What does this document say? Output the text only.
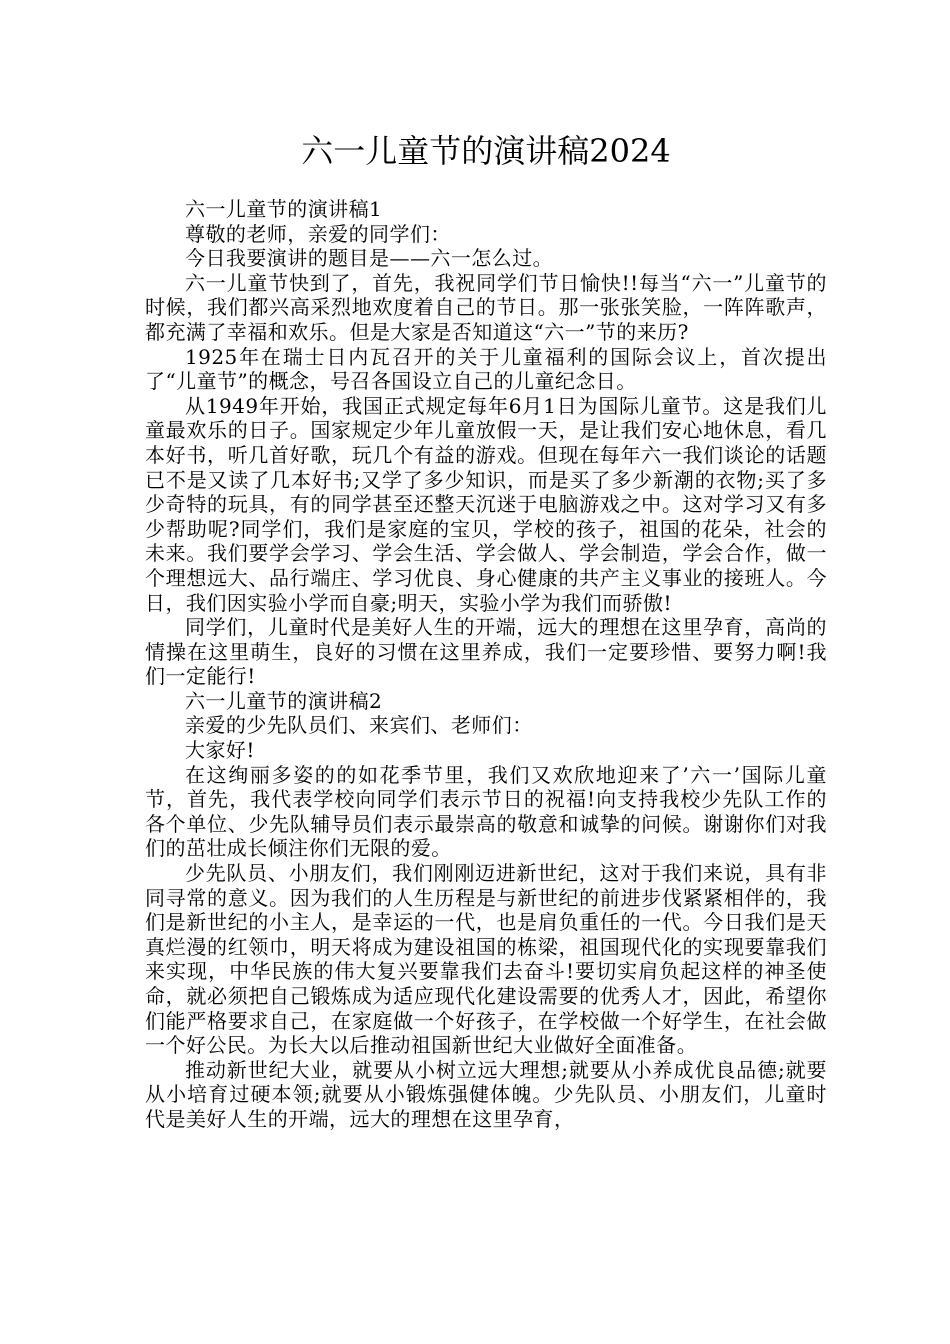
六一儿童节的演讲稿2024

六一儿童节的演讲稿1

尊敬的老师，亲爱的同学们：

今日我要演讲的题目是——六一怎么过。

六一儿童节快到了，首先，我祝同学们节日愉快!!每当“六一”儿童节的时候，我们都兴高采烈地欢度着自己的节日。那一张张笑脸，一阵阵歌声，都充满了幸福和欢乐。但是大家是否知道这“六一”节的来历?

1925年在瑞士日内瓦召开的关于儿童福利的国际会议上，首次提出了“儿童节”的概念，号召各国设立自己的儿童纪念日。

从1949年开始，我国正式规定每年6月1日为国际儿童节。这是我们儿童最欢乐的日子。国家规定少年儿童放假一天，是让我们安心地休息，看几本好书，听几首好歌，玩几个有益的游戏。但现在每年六一我们谈论的话题已不是又读了几本好书;又学了多少知识，而是买了多少新潮的衣物;买了多少奇特的玩具，有的同学甚至还整天沉迷于电脑游戏之中。这对学习又有多少帮助呢?同学们，我们是家庭的宝贝，学校的孩子，祖国的花朵，社会的未来。我们要学会学习、学会生活、学会做人、学会制造，学会合作，做一个理想远大、品行端庄、学习优良、身心健康的共产主义事业的接班人。今日，我们因实验小学而自豪;明天，实验小学为我们而骄傲!

同学们，儿童时代是美好人生的开端，远大的理想在这里孕育，高尚的情操在这里萌生，良好的习惯在这里养成，我们一定要珍惜、要努力啊!我们一定能行!

六一儿童节的演讲稿2

亲爱的少先队员们、来宾们、老师们：

大家好!

在这绚丽多姿的的如花季节里，我们又欢欣地迎来了’六一’国际儿童节，首先，我代表学校向同学们表示节日的祝福!向支持我校少先队工作的各个单位、少先队辅导员们表示最崇高的敬意和诚挚的问候。谢谢你们对我们的茁壮成长倾注你们无限的爱。

少先队员、小朋友们，我们刚刚迈进新世纪，这对于我们来说，具有非同寻常的意义。因为我们的人生历程是与新世纪的前进步伐紧紧相伴的，我们是新世纪的小主人，是幸运的一代，也是肩负重任的一代。今日我们是天真烂漫的红领巾，明天将成为建设祖国的栋梁，祖国现代化的实现要靠我们来实现，中华民族的伟大复兴要靠我们去奋斗!要切实肩负起这样的神圣使命，就必须把自己锻炼成为适应现代化建设需要的优秀人才，因此，希望你们能严格要求自己，在家庭做一个好孩子，在学校做一个好学生，在社会做一个好公民。为长大以后推动祖国新世纪大业做好全面准备。

推动新世纪大业，就要从小树立远大理想;就要从小养成优良品德;就要从小培育过硬本领;就要从小锻炼强健体魄。少先队员、小朋友们，儿童时代是美好人生的开端，远大的理想在这里孕育，
